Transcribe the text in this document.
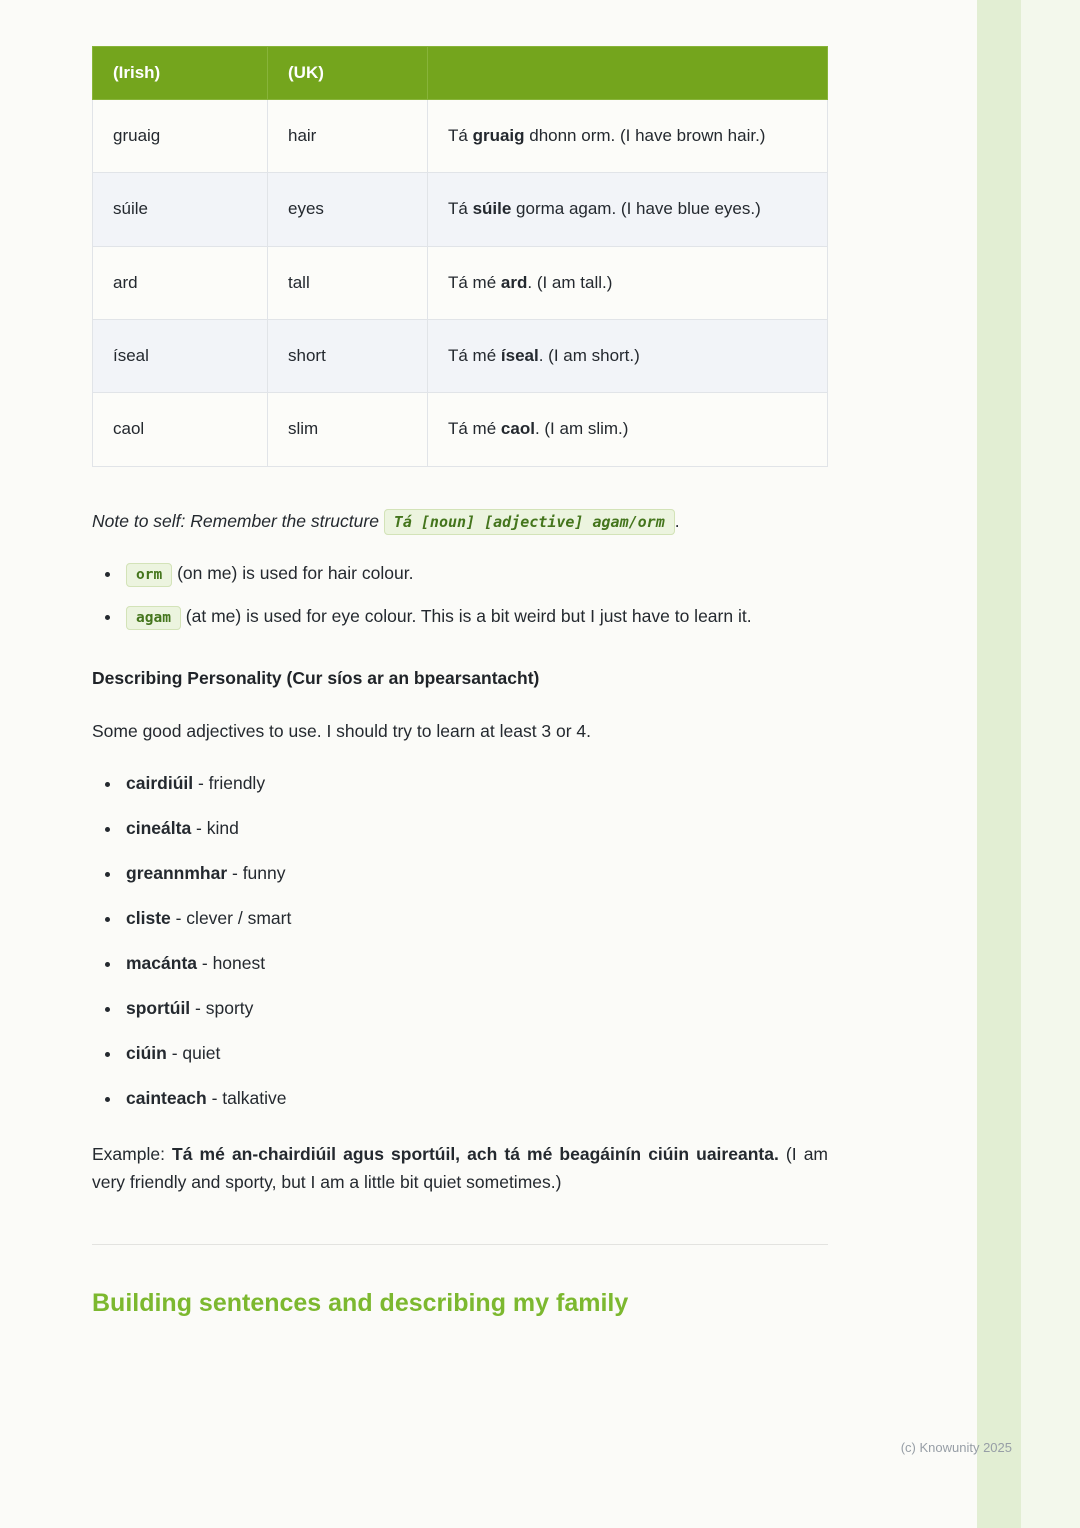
(Irish)	(UK)	
gruaig	hair	Tá gruaig dhonn orm. (I have brown hair.)
súile	eyes	Tá súile gorma agam. (I have blue eyes.)
ard	tall	Tá mé ard. (I am tall.)
íseal	short	Tá mé íseal. (I am short.)
caol	slim	Tá mé caol. (I am slim.)

Note to self: Remember the structure Tá [noun] [adjective] agam/orm .

• orm (on me) is used for hair colour.
• agam (at me) is used for eye colour. This is a bit weird but I just have to learn it.
Describing Personality (Cur síos ar an bpearsantacht)

Some good adjectives to use. I should try to learn at least 3 or 4.

• cairdiúil - friendly
• cineálta - kind
• greannmhar - funny
• cliste - clever / smart
• macánta - honest
• sportúil - sporty
• ciúin - quiet
• cainteach - talkative

Example: Tá mé an-chairdiúil agus sportúil, ach tá mé beagáinín ciúin uaireanta. (I am very friendly and sporty, but I am a little bit quiet sometimes.)

Building sentences and describing my family
(c) Knowunity 2025
